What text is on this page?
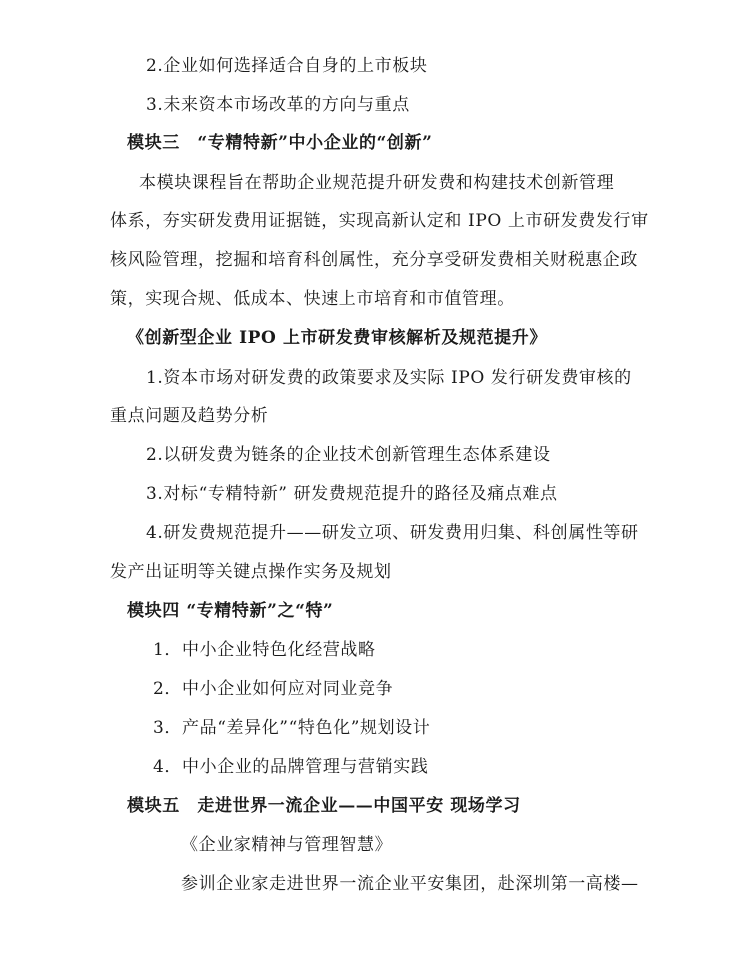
2.企业如何选择适合自身的上市板块
3.未来资本市场改革的方向与重点
模块三　“专精特新”中小企业的“创新”
本模块课程旨在帮助企业规范提升研发费和构建技术创新管理
体系，夯实研发费用证据链，实现高新认定和 IPO 上市研发费发行审
核风险管理，挖掘和培育科创属性，充分享受研发费相关财税惠企政
策，实现合规、低成本、快速上市培育和市值管理。
《创新型企业 IPO 上市研发费审核解析及规范提升》
1.资本市场对研发费的政策要求及实际 IPO 发行研发费审核的
重点问题及趋势分析
2.以研发费为链条的企业技术创新管理生态体系建设
3.对标“专精特新” 研发费规范提升的路径及痛点难点
4.研发费规范提升——研发立项、研发费用归集、科创属性等研
发产出证明等关键点操作实务及规划
模块四 “专精特新”之“特”
1．中小企业特色化经营战略
2．中小企业如何应对同业竞争
3．产品“差异化”“特色化”规划设计
4．中小企业的品牌管理与营销实践
模块五　走进世界一流企业——中国平安 现场学习
《企业家精神与管理智慧》
参训企业家走进世界一流企业平安集团，赴深圳第一高楼—
